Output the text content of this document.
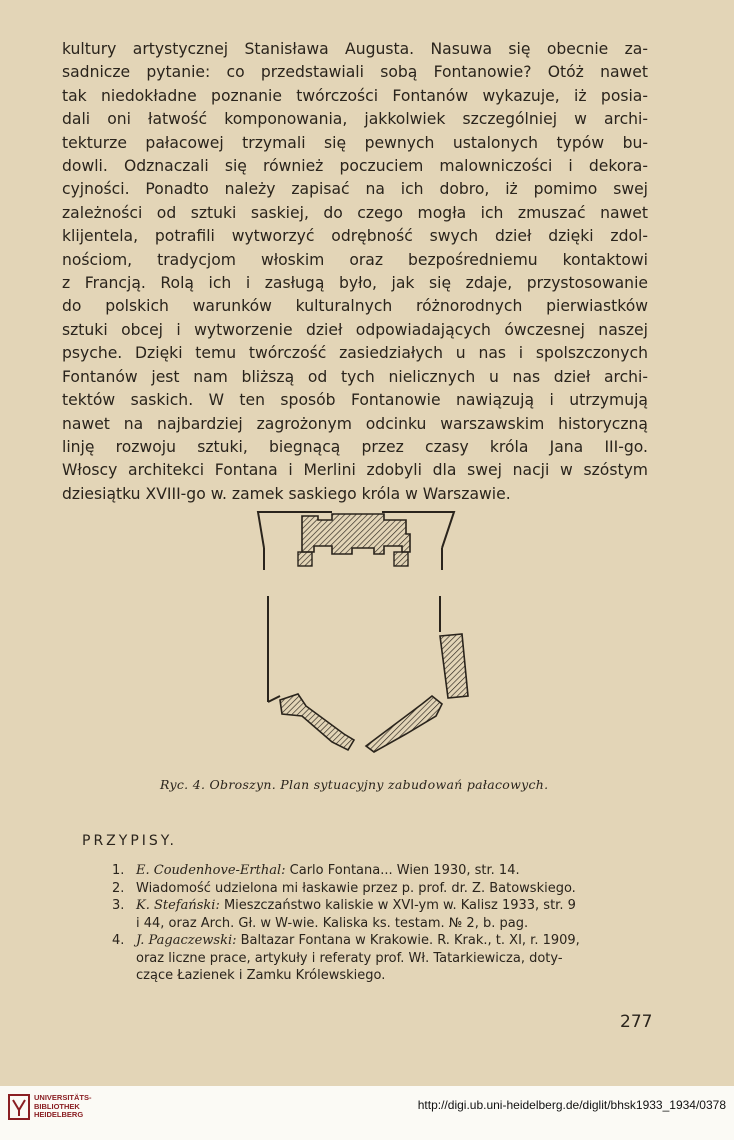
kultury artystycznej Stanisława Augusta. Nasuwa się obecnie za-
sadnicze pytanie: co przedstawiali sobą Fontanowie? Otóż nawet
tak niedokładne poznanie twórczości Fontanów wykazuje, iż posia-
dali oni łatwość komponowania, jakkolwiek szczególniej w archi-
tekturze pałacowej trzymali się pewnych ustalonych typów bu-
dowli. Odznaczali się również poczuciem malowniczości i dekora-
cyjności. Ponadto należy zapisać na ich dobro, iż pomimo swej
zależności od sztuki saskiej, do czego mogła ich zmuszać nawet
klijentela, potrafili wytworzyć odrębność swych dzieł dzięki zdol-
nościom, tradycjom włoskim oraz bezpośredniemu kontaktowi
z Francją. Rolą ich i zasługą było, jak się zdaje, przystosowanie
do polskich warunków kulturalnych różnorodnych pierwiastków
sztuki obcej i wytworzenie dzieł odpowiadających ówczesnej naszej
psyche. Dzięki temu twórczość zasiedziałych u nas i spolszczonych
Fontanów jest nam bliższą od tych nielicznych u nas dzieł archi-
tektów saskich. W ten sposób Fontanowie nawiązują i utrzymują
nawet na najbardziej zagrożonym odcinku warszawskim historyczną
linję rozwoju sztuki, biegnącą przez czasy króla Jana III-go.
Włoscy architekci Fontana i Merlini zdobyli dla swej nacji w szóstym
dziesiątku XVIII-go w. zamek saskiego króla w Warszawie.
Ryc. 4. Obroszyn. Plan sytuacyjny zabudowań pałacowych.
PRZYPISY.
1. E. Coudenhove-Erthal: Carlo Fontana... Wien 1930, str. 14.
2. Wiadomość udzielona mi łaskawie przez p. prof. dr. Z. Batowskiego.
3. K. Stefański: Mieszczaństwo kaliskie w XVI-ym w. Kalisz 1933, str. 9
i 44, oraz Arch. Gł. w W-wie. Kaliska ks. testam. № 2, b. pag.
4. J. Pagaczewski: Baltazar Fontana w Krakowie. R. Krak., t. XI, r. 1909,
oraz liczne prace, artykuły i referaty prof. Wł. Tatarkiewicza, doty-
czące Łazienek i Zamku Królewskiego.
277
UNIVERSITÄTS-
BIBLIOTHEK
HEIDELBERG
http://digi.ub.uni-heidelberg.de/diglit/bhsk1933_1934/0378
